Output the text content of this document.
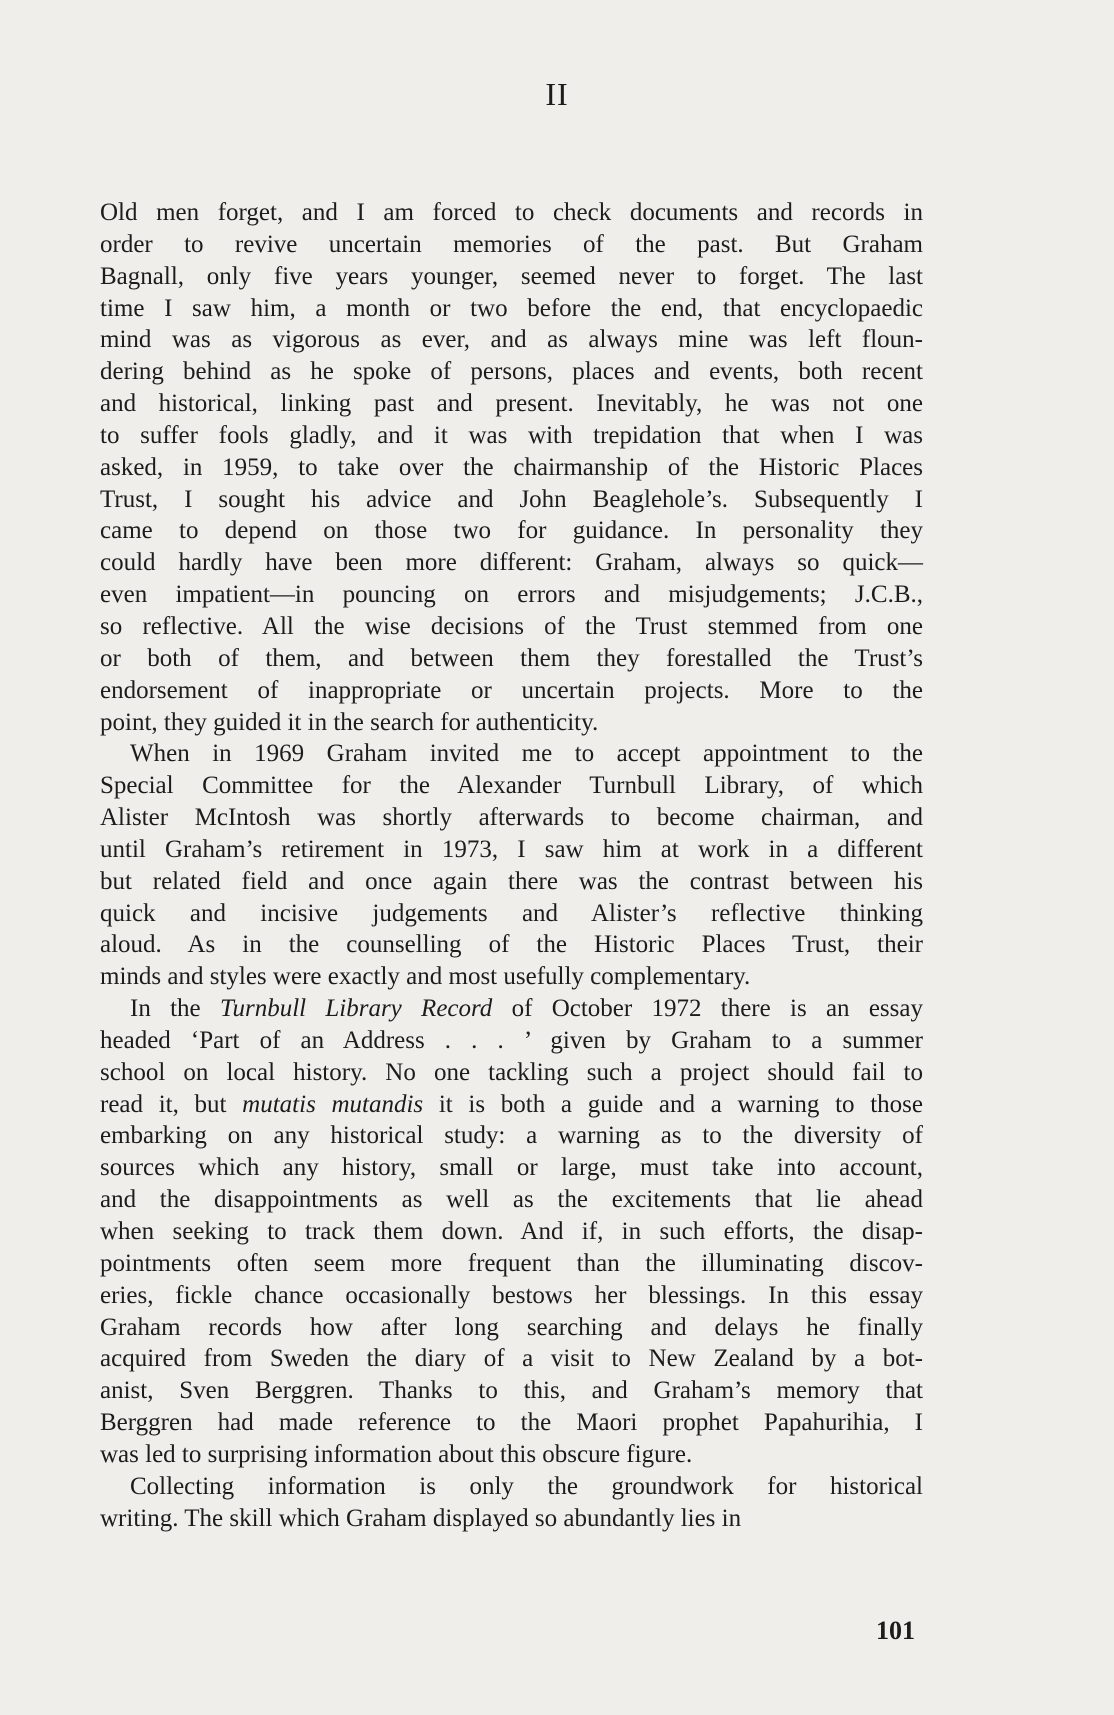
II
Old men forget, and I am forced to check documents and records in
order to revive uncertain memories of the past. But Graham
Bagnall, only five years younger, seemed never to forget. The last
time I saw him, a month or two before the end, that encyclopaedic
mind was as vigorous as ever, and as always mine was left floun-
dering behind as he spoke of persons, places and events, both recent
and historical, linking past and present. Inevitably, he was not one
to suffer fools gladly, and it was with trepidation that when I was
asked, in 1959, to take over the chairmanship of the Historic Places
Trust, I sought his advice and John Beaglehole’s. Subsequently I
came to depend on those two for guidance. In personality they
could hardly have been more different: Graham, always so quick—
even impatient—in pouncing on errors and misjudgements; J.C.B.,
so reflective. All the wise decisions of the Trust stemmed from one
or both of them, and between them they forestalled the Trust’s
endorsement of inappropriate or uncertain projects. More to the
point, they guided it in the search for authenticity.
When in 1969 Graham invited me to accept appointment to the
Special Committee for the Alexander Turnbull Library, of which
Alister McIntosh was shortly afterwards to become chairman, and
until Graham’s retirement in 1973, I saw him at work in a different
but related field and once again there was the contrast between his
quick and incisive judgements and Alister’s reflective thinking
aloud. As in the counselling of the Historic Places Trust, their
minds and styles were exactly and most usefully complementary.
In the Turnbull Library Record of October 1972 there is an essay
headed ‘Part of an Address . . . ’ given by Graham to a summer
school on local history. No one tackling such a project should fail to
read it, but mutatis mutandis it is both a guide and a warning to those
embarking on any historical study: a warning as to the diversity of
sources which any history, small or large, must take into account,
and the disappointments as well as the excitements that lie ahead
when seeking to track them down. And if, in such efforts, the disap-
pointments often seem more frequent than the illuminating discov-
eries, fickle chance occasionally bestows her blessings. In this essay
Graham records how after long searching and delays he finally
acquired from Sweden the diary of a visit to New Zealand by a bot-
anist, Sven Berggren. Thanks to this, and Graham’s memory that
Berggren had made reference to the Maori prophet Papahurihia, I
was led to surprising information about this obscure figure.
Collecting information is only the groundwork for historical
writing. The skill which Graham displayed so abundantly lies in
101
